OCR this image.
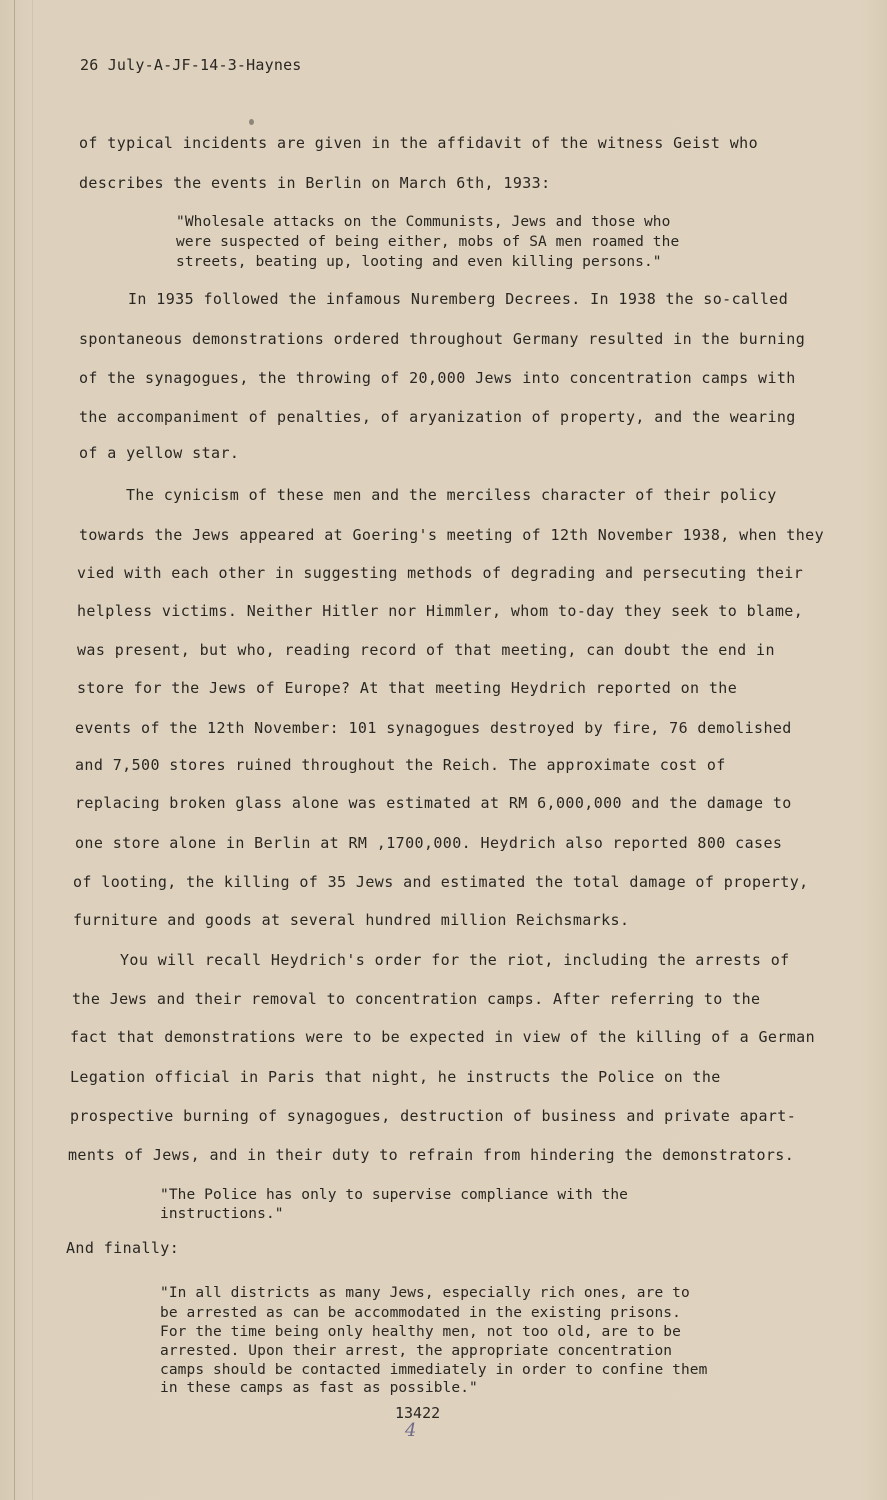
26 July-A-JF-14-3-Haynes
of typical incidents are given in the affidavit of the witness Geist who
describes the events in Berlin on March 6th, 1933:
"Wholesale attacks on the Communists, Jews and those who
were suspected of being either, mobs of SA men roamed the
streets, beating up, looting and even killing persons."
In 1935 followed the infamous Nuremberg Decrees. In 1938 the so-called
spontaneous demonstrations ordered throughout Germany resulted in the burning
of the synagogues, the throwing of 20,000 Jews into concentration camps with
the accompaniment of penalties, of aryanization of property, and the wearing
of a yellow star.
The cynicism of these men and the merciless character of their policy
towards the Jews appeared at Goering's meeting of 12th November 1938, when they
vied with each other in suggesting methods of degrading and persecuting their
helpless victims. Neither Hitler nor Himmler, whom to-day they seek to blame,
was present, but who, reading record of that meeting, can doubt the end in
store for the Jews of Europe? At that meeting Heydrich reported on the
events of the 12th November: 101 synagogues destroyed by fire, 76 demolished
and 7,500 stores ruined throughout the Reich. The approximate cost of
replacing broken glass alone was estimated at RM 6,000,000 and the damage to
one store alone in Berlin at RM ,1700,000. Heydrich also reported 800 cases
of looting, the killing of 35 Jews and estimated the total damage of property,
furniture and goods at several hundred million Reichsmarks.
You will recall Heydrich's order for the riot, including the arrests of
the Jews and their removal to concentration camps. After referring to the
fact that demonstrations were to be expected in view of the killing of a German
Legation official in Paris that night, he instructs the Police on the
prospective burning of synagogues, destruction of business and private apart-
ments of Jews, and in their duty to refrain from hindering the demonstrators.
"The Police has only to supervise compliance with the
instructions."
And finally:
"In all districts as many Jews, especially rich ones, are to
be arrested as can be accommodated in the existing prisons.
For the time being only healthy men, not too old, are to be
arrested. Upon their arrest, the appropriate concentration
camps should be contacted immediately in order to confine them
in these camps as fast as possible."
13422
4
